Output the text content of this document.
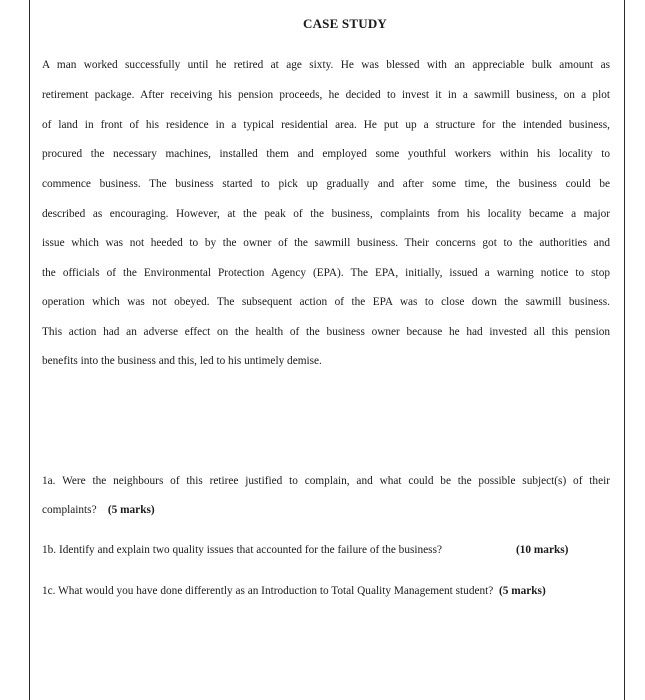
CASE STUDY
A man worked successfully until he retired at age sixty. He was blessed with an appreciable bulk amount as
retirement package. After receiving his pension proceeds, he decided to invest it in a sawmill business, on a plot
of land in front of his residence in a typical residential area. He put up a structure for the intended business,
procured the necessary machines, installed them and employed some youthful workers within his locality to
commence business. The business started to pick up gradually and after some time, the business could be
described as encouraging. However, at the peak of the business, complaints from his locality became a major
issue which was not heeded to by the owner of the sawmill business. Their concerns got to the authorities and
the officials of the Environmental Protection Agency (EPA). The EPA, initially, issued a warning notice to stop
operation which was not obeyed. The subsequent action of the EPA was to close down the sawmill business.
This action had an adverse effect on the health of the business owner because he had invested all this pension
benefits into the business and this, led to his untimely demise.
1a. Were the neighbours of this retiree justified to complain, and what could be the possible subject(s) of their
complaints? (5 marks)
1b. Identify and explain two quality issues that accounted for the failure of the business?	(10 marks)
1c. What would you have done differently as an Introduction to Total Quality Management student? (5 marks)
